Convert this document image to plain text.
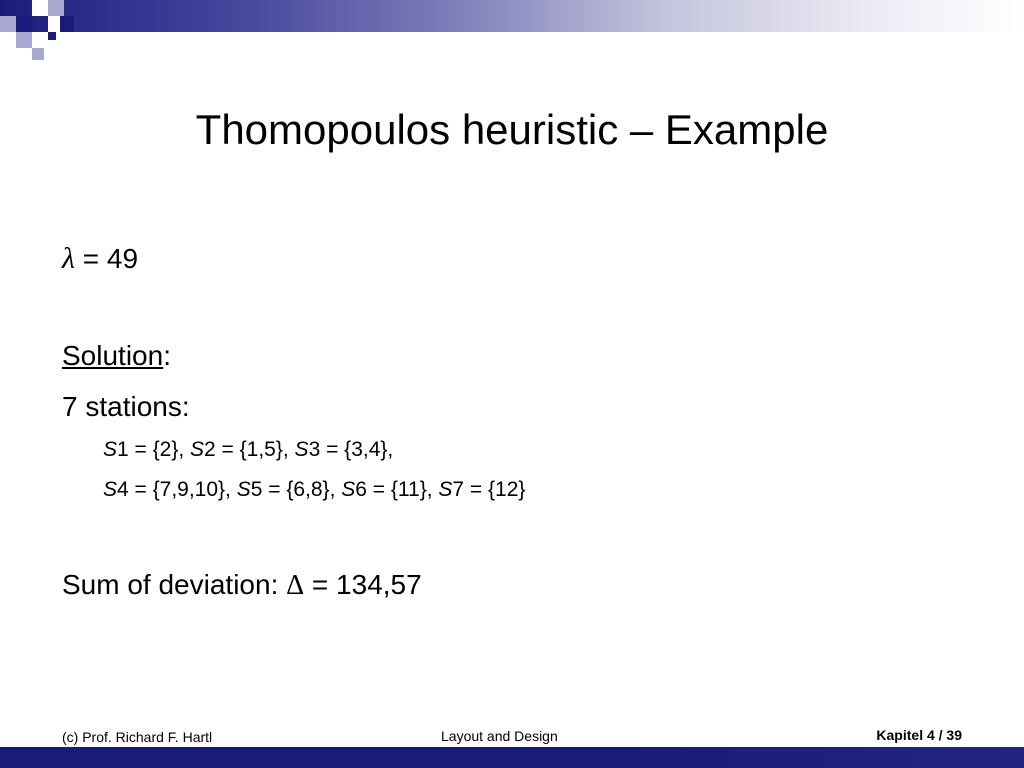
Thomopoulos heuristic – Example
λ = 49
Solution:
7 stations:
S1 = {2}, S2 = {1,5}, S3 = {3,4},
S4 = {7,9,10}, S5 = {6,8}, S6 = {11}, S7 = {12}
Sum of deviation: Δ = 134,57
(c) Prof. Richard F. Hartl	Layout and Design	Kapitel 4 / 39
